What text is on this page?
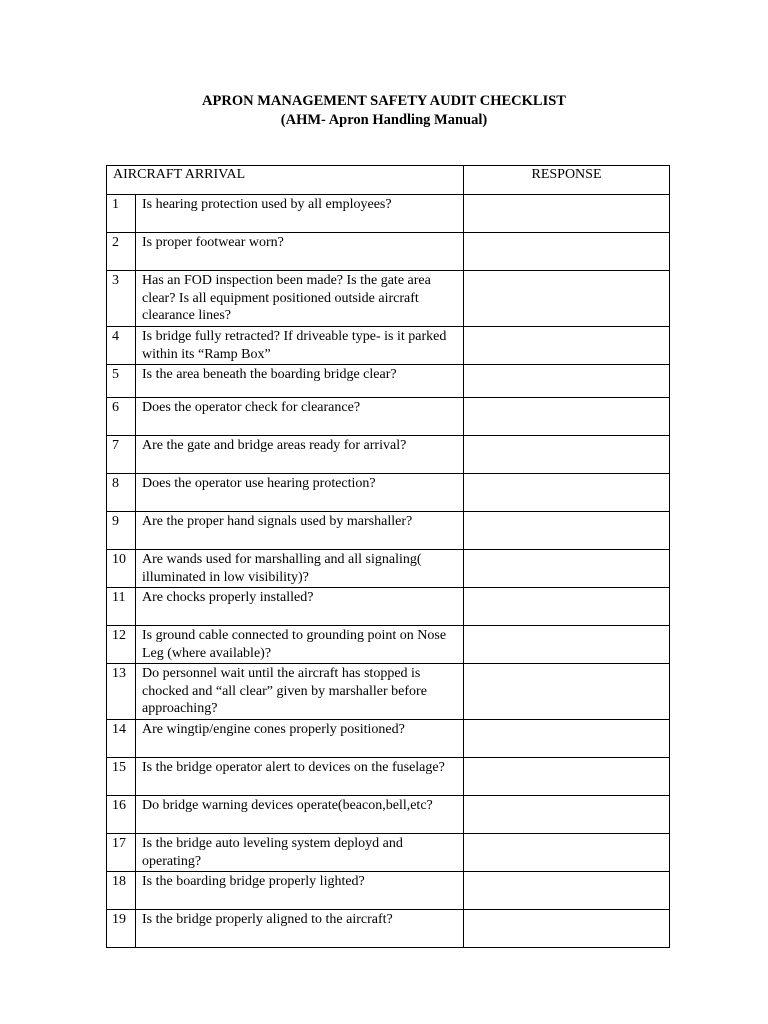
APRON MANAGEMENT SAFETY AUDIT CHECKLIST
(AHM- Apron Handling Manual)
AIRCRAFT ARRIVAL		RESPONSE
1	Is hearing protection used by all employees?	
2	Is proper footwear worn?	
3	Has an FOD inspection been made? Is the gate area clear? Is all equipment positioned outside aircraft clearance lines?	
4	Is bridge fully retracted? If driveable type- is it parked within its “Ramp Box”	
5	Is the area beneath the boarding bridge clear?	
6	Does the operator check for clearance?	
7	Are the gate and bridge areas ready for arrival?	
8	Does the operator use hearing protection?	
9	Are the proper hand signals used by marshaller?	
10	Are wands used for marshalling and all signaling( illuminated in low visibility)?	
11	Are chocks properly installed?	
12	Is ground cable connected to grounding point on Nose Leg (where available)?	
13	Do personnel wait until the aircraft has stopped is chocked and “all clear” given by marshaller before approaching?	
14	Are wingtip/engine cones properly positioned?	
15	Is the bridge operator alert to devices on the fuselage?	
16	Do bridge warning devices operate(beacon,bell,etc?	
17	Is the bridge auto leveling system deployd and operating?	
18	Is the boarding bridge properly lighted?	
19	Is the bridge properly aligned to the aircraft?	
